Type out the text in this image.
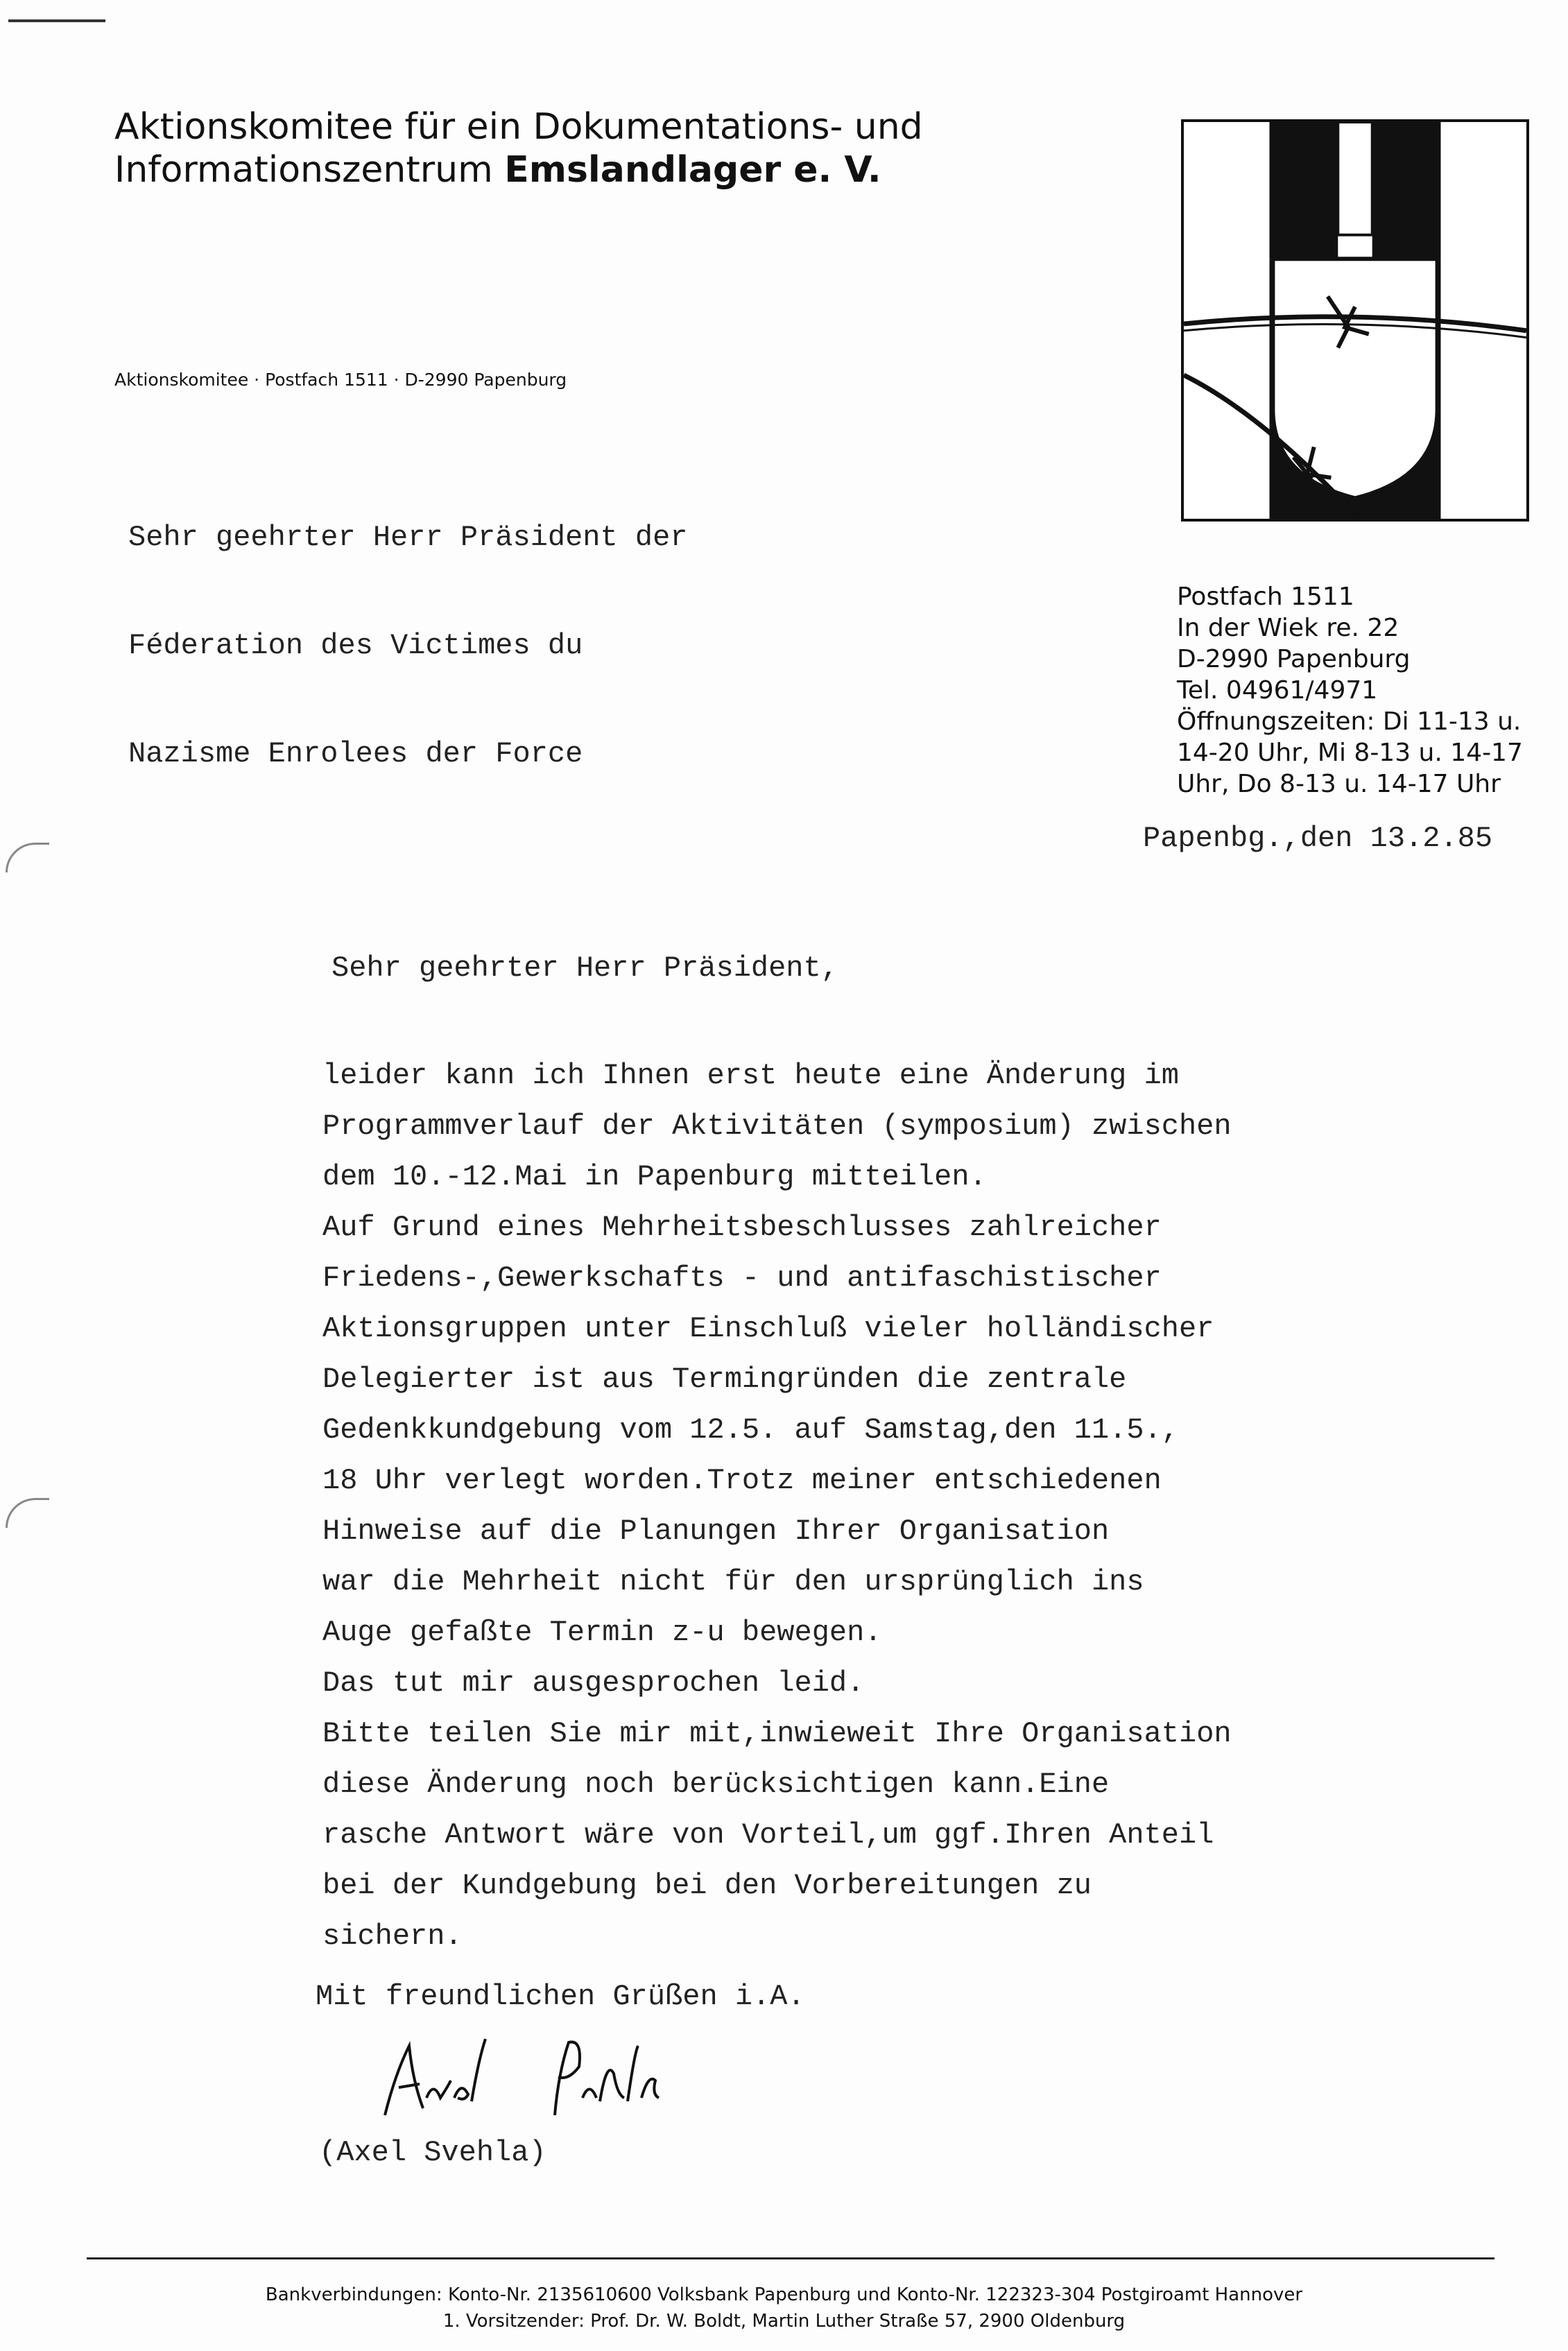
Aktionskomitee für ein Dokumentations- und
Informationszentrum Emslandlager e. V.
Aktionskomitee · Postfach 1511 · D-2990 Papenburg

Sehr geehrter Herr Präsident der

Féderation des Victimes du

Nazisme Enrolees der Force

HS
Postfach 1511
In der Wiek re. 22
D-2990 Papenburg
Tel. 04961/4971
Öffnungszeiten: Di 11-13 u.
14-20 Uhr, Mi 8-13 u. 14-17
Uhr, Do 8-13 u. 14-17 Uhr
Papenbg.,den 13.2.85
Sehr geehrter Herr Präsident,
leider kann ich Ihnen erst heute eine Änderung im
Programmverlauf der Aktivitäten (symposium) zwischen
dem 10.-12.Mai in Papenburg mitteilen.
Auf Grund eines Mehrheitsbeschlusses zahlreicher
Friedens-,Gewerkschafts - und antifaschistischer
Aktionsgruppen unter Einschluß vieler holländischer
Delegierter ist aus Termingründen die zentrale
Gedenkkundgebung vom 12.5. auf Samstag,den 11.5.,
18 Uhr verlegt worden.Trotz meiner entschiedenen
Hinweise auf die Planungen Ihrer Organisation
war die Mehrheit nicht für den ursprünglich ins
Auge gefaßte Termin z-u bewegen.
Das tut mir ausgesprochen leid.
Bitte teilen Sie mir mit,inwieweit Ihre Organisation
diese Änderung noch berücksichtigen kann.Eine
rasche Antwort wäre von Vorteil,um ggf.Ihren Anteil
bei der Kundgebung bei den Vorbereitungen zu
sichern.
Mit freundlichen Grüßen i.A.
(Axel Svehla)
Bankverbindungen: Konto-Nr. 2135610600 Volksbank Papenburg und Konto-Nr. 122323-304 Postgiroamt Hannover
1. Vorsitzender: Prof. Dr. W. Boldt, Martin Luther Straße 57, 2900 Oldenburg
